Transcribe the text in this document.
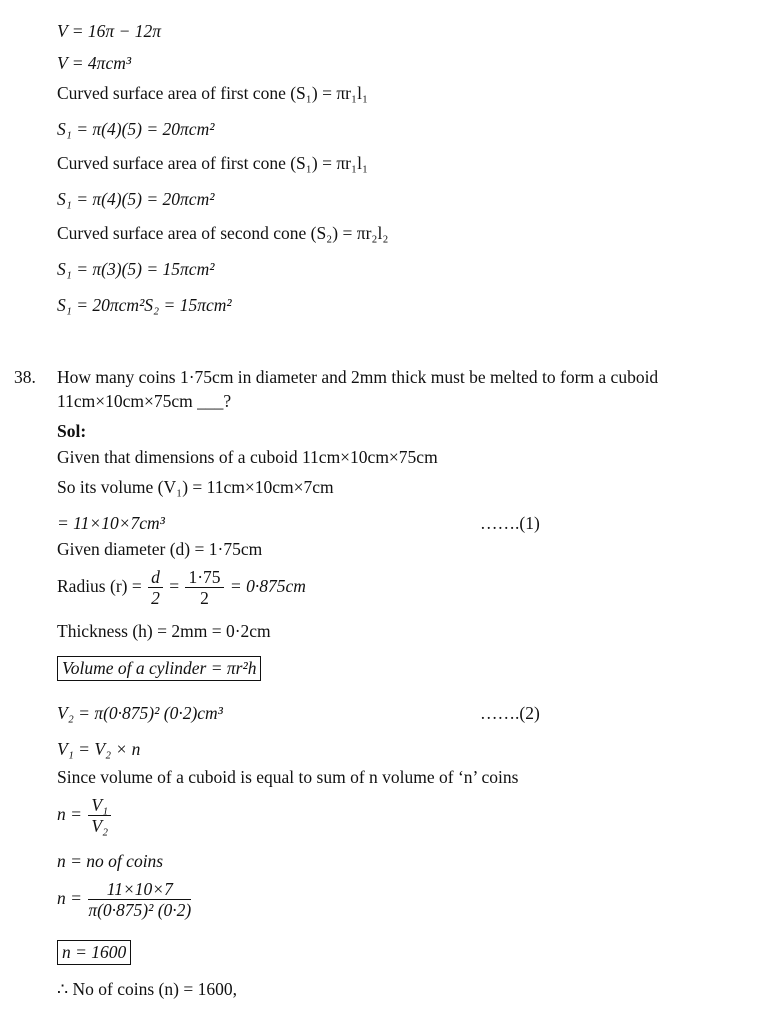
V = 16π − 12π
V = 4πcm³
Curved surface area of first cone (S₁) = πr₁l₁
S₁ = π(4)(5) = 20πcm²
Curved surface area of first cone (S₁) = πr₁l₁
S₁ = π(4)(5) = 20πcm²
Curved surface area of second cone (S₂) = πr₂l₂
S₁ = π(3)(5) = 15πcm²
S₁ = 20πcm²S₂ = 15πcm²
38. How many coins 1·75cm in diameter and 2mm thick must be melted to form a cuboid
11cm×10cm×75cm ___?
Sol:
Given that dimensions of a cuboid 11cm×10cm×75cm
So its volume (V₁) = 11cm×10cm×7cm
= 11×10×7cm³	…….(1)
Given diameter (d) = 1·75cm
Radius $(r) = \frac{d}{2} = \frac{1\cdot 75}{2} = 0\cdot 875cm$
Thickness (h) = 2mm = 0·2cm
Volume of a cylinder = πr²h
V₂ = π(0·875)² (0·2)cm³	…….(2)
V₁ = V₂ × n
Since volume of a cuboid is equal to sum of n volume of ‘n’ coins
$n = \frac{\text{V₁}}{\text{V₂}}$
n = no of coins
$n = \frac{11\times 10\times 7}{\text{π(0·875)² (0·2)}}$
n = 1600
∴ No of coins (n) = 1600,
